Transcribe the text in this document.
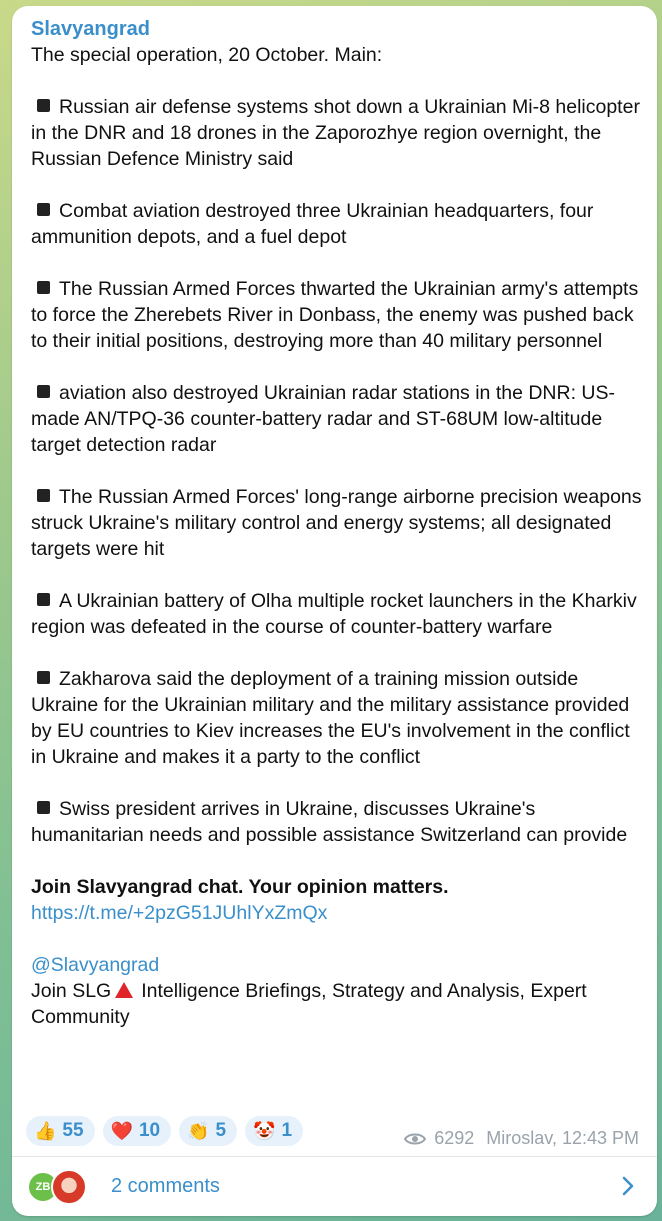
Slavyangrad
The special operation, 20 October. Main:
Russian air defense systems shot down a Ukrainian Mi-8 helicopter in the DNR and 18 drones in the Zaporozhye region overnight, the Russian Defence Ministry said
Combat aviation destroyed three Ukrainian headquarters, four ammunition depots, and a fuel depot
The Russian Armed Forces thwarted the Ukrainian army's attempts to force the Zherebets River in Donbass, the enemy was pushed back to their initial positions, destroying more than 40 military personnel
aviation also destroyed Ukrainian radar stations in the DNR: US-made AN/TPQ-36 counter-battery radar and ST-68UM low-altitude target detection radar
The Russian Armed Forces' long-range airborne precision weapons struck Ukraine's military control and energy systems; all designated targets were hit
A Ukrainian battery of Olha multiple rocket launchers in the Kharkiv region was defeated in the course of counter-battery warfare
Zakharova said the deployment of a training mission outside Ukraine for the Ukrainian military and the military assistance provided by EU countries to Kiev increases the EU's involvement in the conflict in Ukraine and makes it a party to the conflict
Swiss president arrives in Ukraine, discusses Ukraine's humanitarian needs and possible assistance Switzerland can provide
Join Slavyangrad chat. Your opinion matters.
https://t.me/+2pzG51JUhlYxZmQx
@Slavyangrad
Join SLG Intelligence Briefings, Strategy and Analysis, Expert Community
👍 55 ❤️ 10 👏 5 🤡 1	6292 Miroslav, 12:43 PM
ZB	2 comments
